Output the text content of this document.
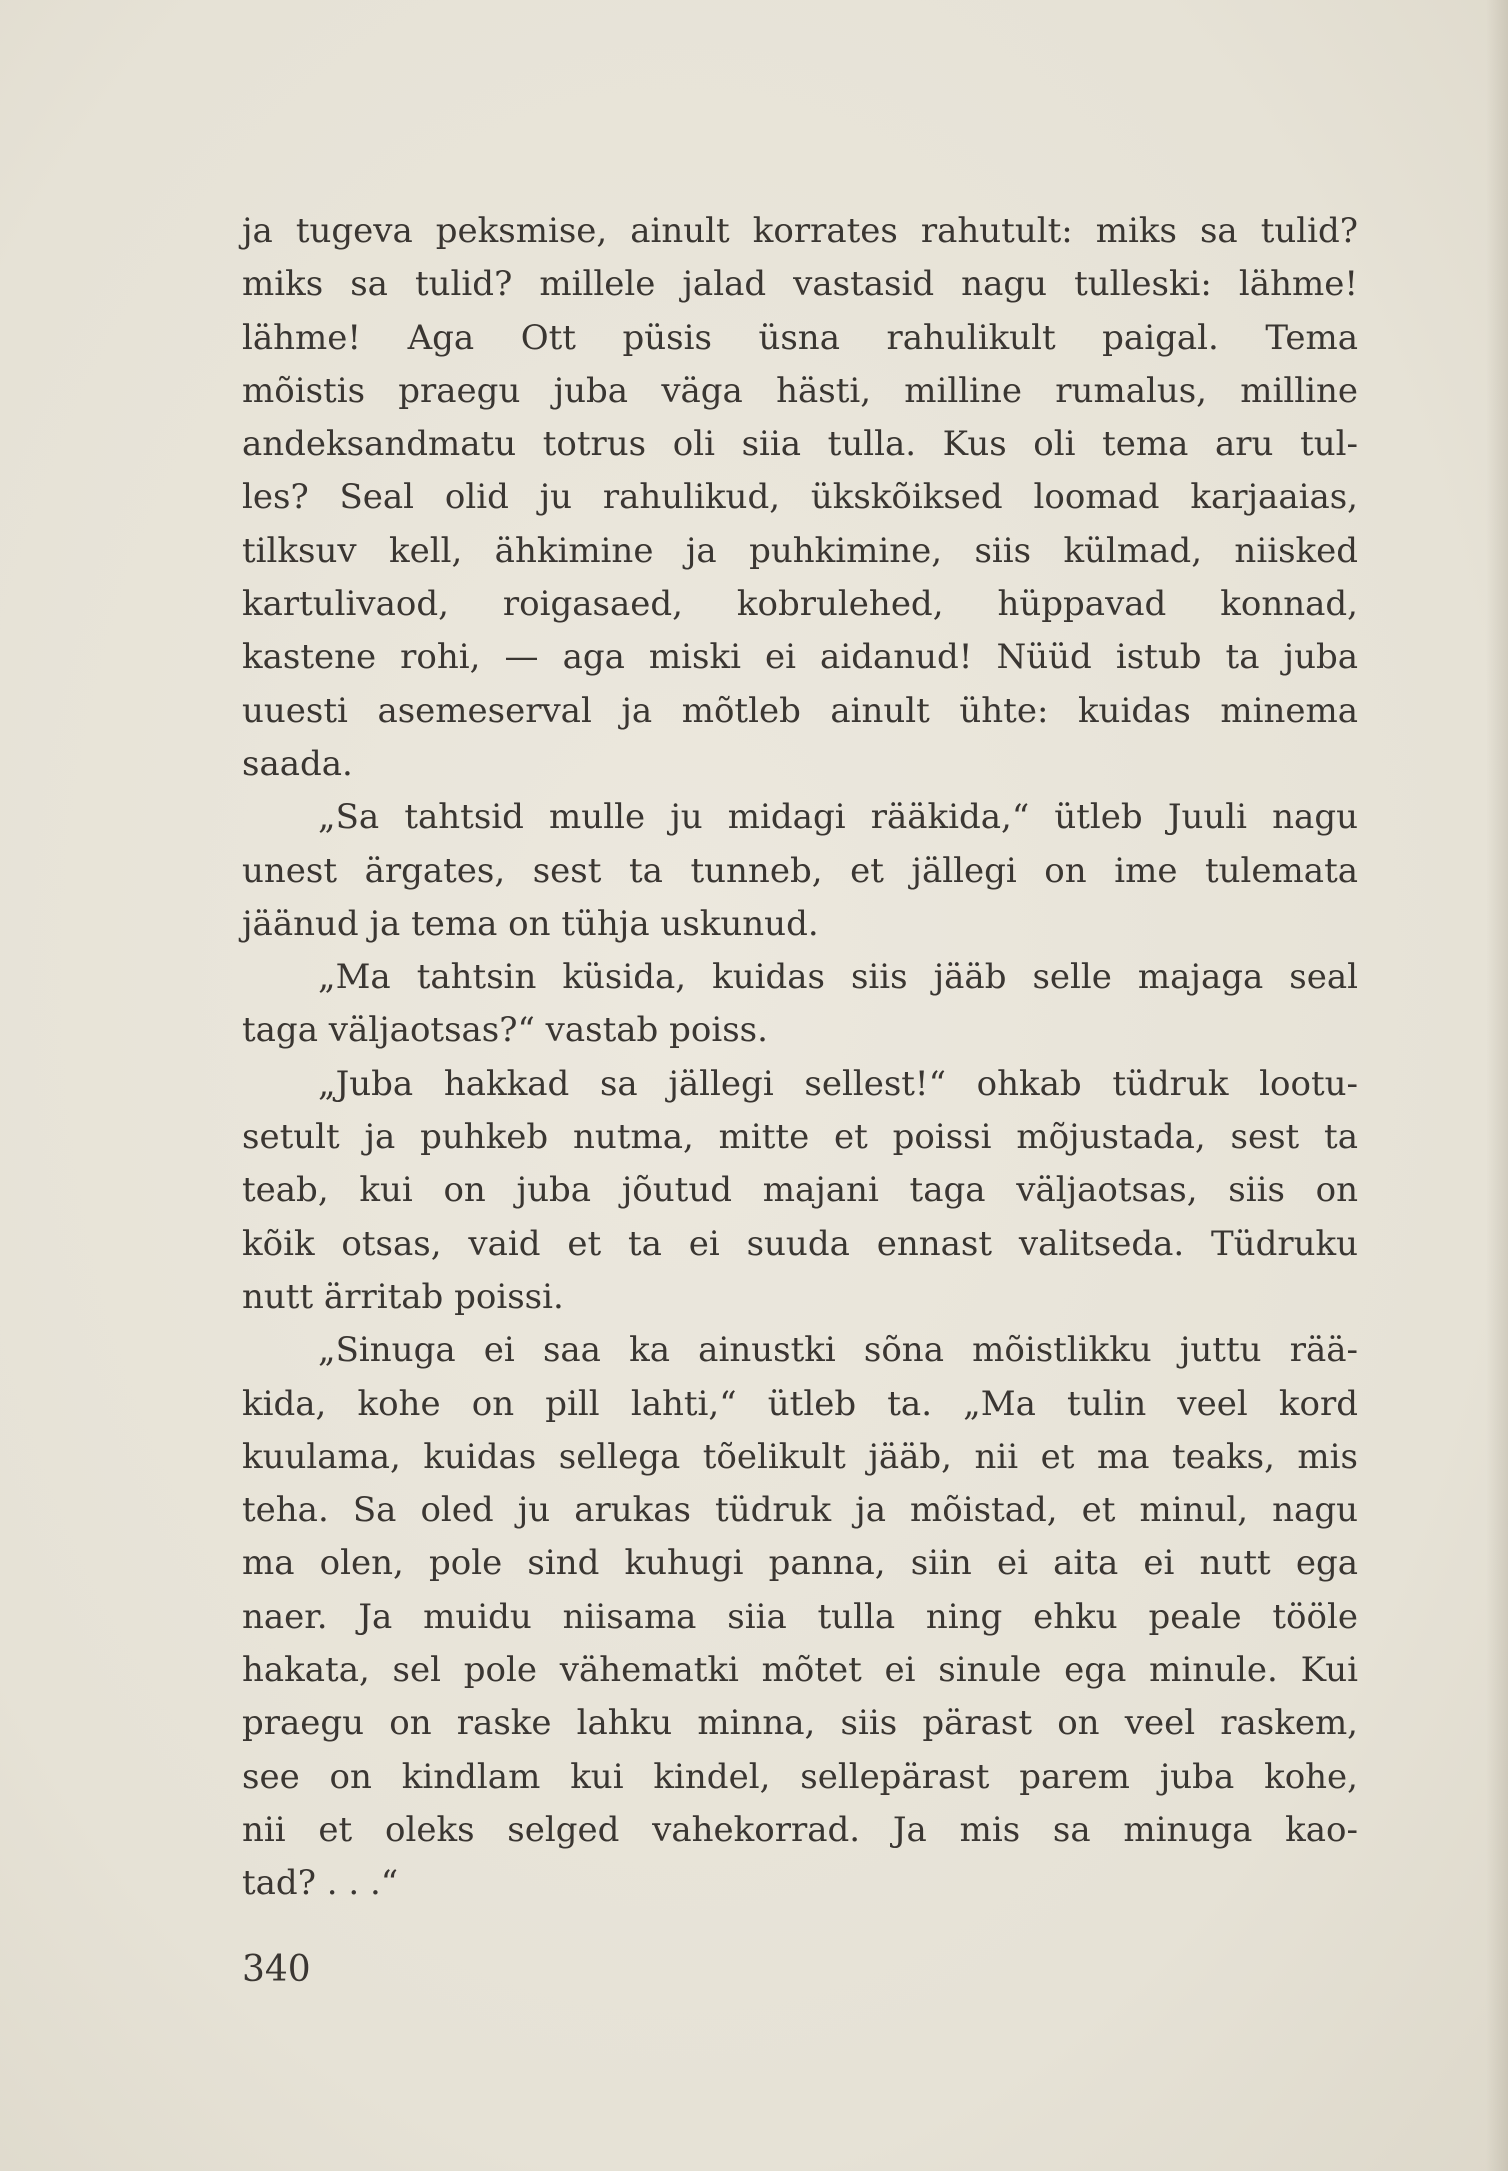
ja tugeva peksmise, ainult korrates rahutult: miks sa tulid?
miks sa tulid? millele jalad vastasid nagu tulleski: lähme!
lähme! Aga Ott püsis üsna rahulikult paigal. Tema
mõistis praegu juba väga hästi, milline rumalus, milline
andeksandmatu totrus oli siia tulla. Kus oli tema aru tul-
les? Seal olid ju rahulikud, ükskõiksed loomad karjaaias,
tilksuv kell, ähkimine ja puhkimine, siis külmad, niisked
kartulivaod, roigasaed, kobrulehed, hüppavad konnad,
kastene rohi, — aga miski ei aidanud! Nüüd istub ta juba
uuesti asemeserval ja mõtleb ainult ühte: kuidas minema
saada.
„Sa tahtsid mulle ju midagi rääkida,“ ütleb Juuli nagu
unest ärgates, sest ta tunneb, et jällegi on ime tulemata
jäänud ja tema on tühja uskunud.
„Ma tahtsin küsida, kuidas siis jääb selle majaga seal
taga väljaotsas?“ vastab poiss.
„Juba hakkad sa jällegi sellest!“ ohkab tüdruk lootu-
setult ja puhkeb nutma, mitte et poissi mõjustada, sest ta
teab, kui on juba jõutud majani taga väljaotsas, siis on
kõik otsas, vaid et ta ei suuda ennast valitseda. Tüdruku
nutt ärritab poissi.
„Sinuga ei saa ka ainustki sõna mõistlikku juttu rää-
kida, kohe on pill lahti,“ ütleb ta. „Ma tulin veel kord
kuulama, kuidas sellega tõelikult jääb, nii et ma teaks, mis
teha. Sa oled ju arukas tüdruk ja mõistad, et minul, nagu
ma olen, pole sind kuhugi panna, siin ei aita ei nutt ega
naer. Ja muidu niisama siia tulla ning ehku peale tööle
hakata, sel pole vähematki mõtet ei sinule ega minule. Kui
praegu on raske lahku minna, siis pärast on veel raskem,
see on kindlam kui kindel, sellepärast parem juba kohe,
nii et oleks selged vahekorrad. Ja mis sa minuga kao-
tad? . . .“
340
